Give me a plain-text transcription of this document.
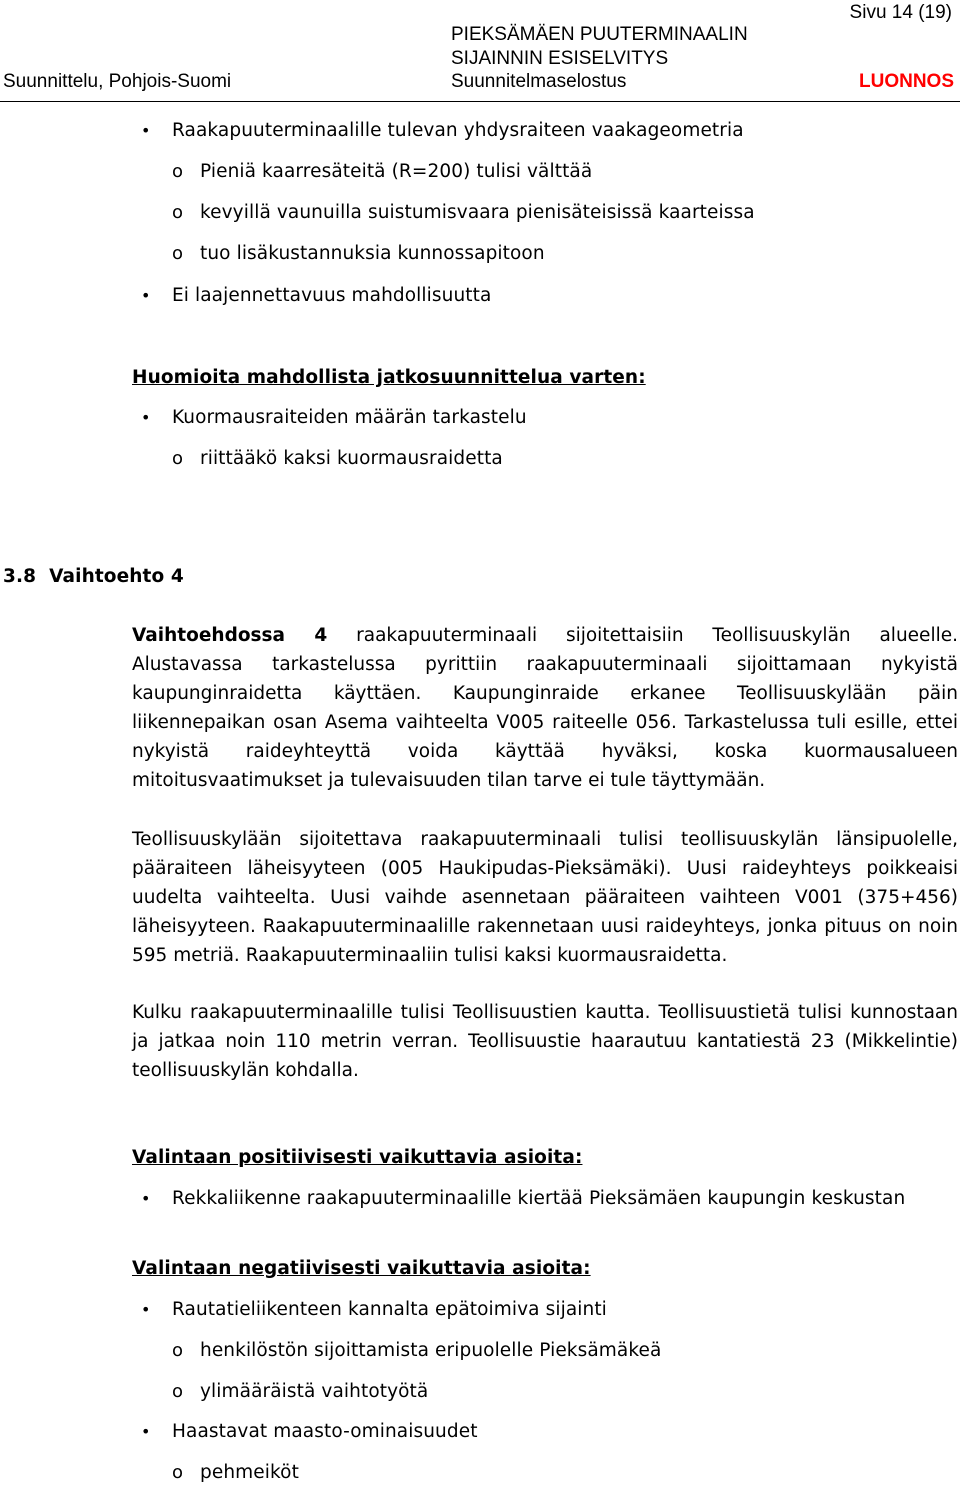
Sivu 14 (19)
PIEKSÄMÄEN PUUTERMINAALIN
SIJAINNIN ESISELVITYS
Suunnittelu, Pohjois-Suomi	Suunnitelmaselostus	LUONNOS
• Raakapuuterminaalille tulevan yhdysraiteen vaakageometria
o Pieniä kaarresäteitä (R=200) tulisi välttää
o kevyillä vaunuilla suistumisvaara pienisäteisissä kaarteissa
o tuo lisäkustannuksia kunnossapitoon
• Ei laajennettavuus mahdollisuutta
Huomioita mahdollista jatkosuunnittelua varten:
• Kuormausraiteiden määrän tarkastelu
o riittääkö kaksi kuormausraidetta
3.8  Vaihtoehto 4
Vaihtoehdossa 4 raakapuuterminaali sijoitettaisiin Teollisuuskylän alueelle. Alustavassa tarkastelussa pyrittiin raakapuuterminaali sijoittamaan nykyistä kaupunginraidetta käyttäen. Kaupunginraide erkanee Teollisuuskylään päin liikennepaikan osan Asema vaihteelta V005 raiteelle 056. Tarkastelussa tuli esille, ettei nykyistä raideyhteyttä voida käyttää hyväksi, koska kuormausalueen mitoitusvaatimukset ja tulevaisuuden tilan tarve ei tule täyttymään.
Teollisuuskylään sijoitettava raakapuuterminaali tulisi teollisuuskylän länsipuolelle, pääraiteen läheisyyteen (005 Haukipudas-Pieksämäki). Uusi raideyhteys poikkeaisi uudelta vaihteelta. Uusi vaihde asennetaan pääraiteen vaihteen V001 (375+456) läheisyyteen. Raakapuuterminaalille rakennetaan uusi raideyhteys, jonka pituus on noin 595 metriä. Raakapuuterminaaliin tulisi kaksi kuormausraidetta.
Kulku raakapuuterminaalille tulisi Teollisuustien kautta. Teollisuustietä tulisi kunnostaan ja jatkaa noin 110 metrin verran. Teollisuustie haarautuu kantatiestä 23 (Mikkelintie) teollisuuskylän kohdalla.
Valintaan positiivisesti vaikuttavia asioita:
• Rekkaliikenne raakapuuterminaalille kiertää Pieksämäen kaupungin keskustan
Valintaan negatiivisesti vaikuttavia asioita:
• Rautatieliikenteen kannalta epätoimiva sijainti
o henkilöstön sijoittamista eripuolelle Pieksämäkeä
o ylimääräistä vaihtotyötä
• Haastavat maasto-ominaisuudet
o pehmeiköt
